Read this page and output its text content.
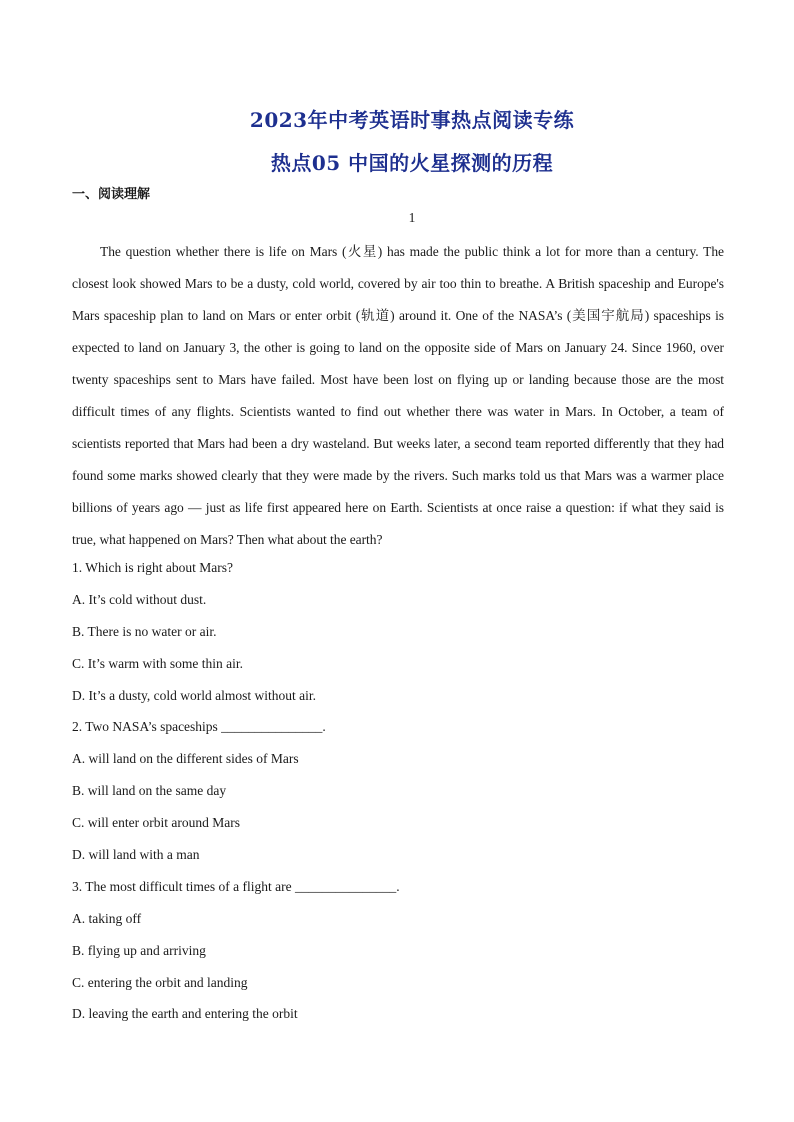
2023年中考英语时事热点阅读专练
热点05 中国的火星探测的历程
一、阅读理解
1

The question whether there is life on Mars (火星) has made the public think a lot for more than a century. The closest look showed Mars to be a dusty, cold world, covered by air too thin to breathe. A British spaceship and Europe's Mars spaceship plan to land on Mars or enter orbit (轨道) around it. One of the NASA’s (美国宇航局) spaceships is expected to land on January 3, the other is going to land on the opposite side of Mars on January 24. Since 1960, over twenty spaceships sent to Mars have failed. Most have been lost on flying up or landing because those are the most difficult times of any flights. Scientists wanted to find out whether there was water in Mars. In October, a team of scientists reported that Mars had been a dry wasteland. But weeks later, a second team reported differently that they had found some marks showed clearly that they were made by the rivers. Such marks told us that Mars was a warmer place billions of years ago — just as life first appeared here on Earth. Scientists at once raise a question: if what they said is true, what happened on Mars? Then what about the earth?

1. Which is right about Mars?
A. It’s cold without dust.
B. There is no water or air.
C. It’s warm with some thin air.
D. It’s a dusty, cold world almost without air.
2. Two NASA’s spaceships _______________.
A. will land on the different sides of Mars
B. will land on the same day
C. will enter orbit around Mars
D. will land with a man
3. The most difficult times of a flight are _______________.
A. taking off
B. flying up and arriving
C. entering the orbit and landing
D. leaving the earth and entering the orbit
